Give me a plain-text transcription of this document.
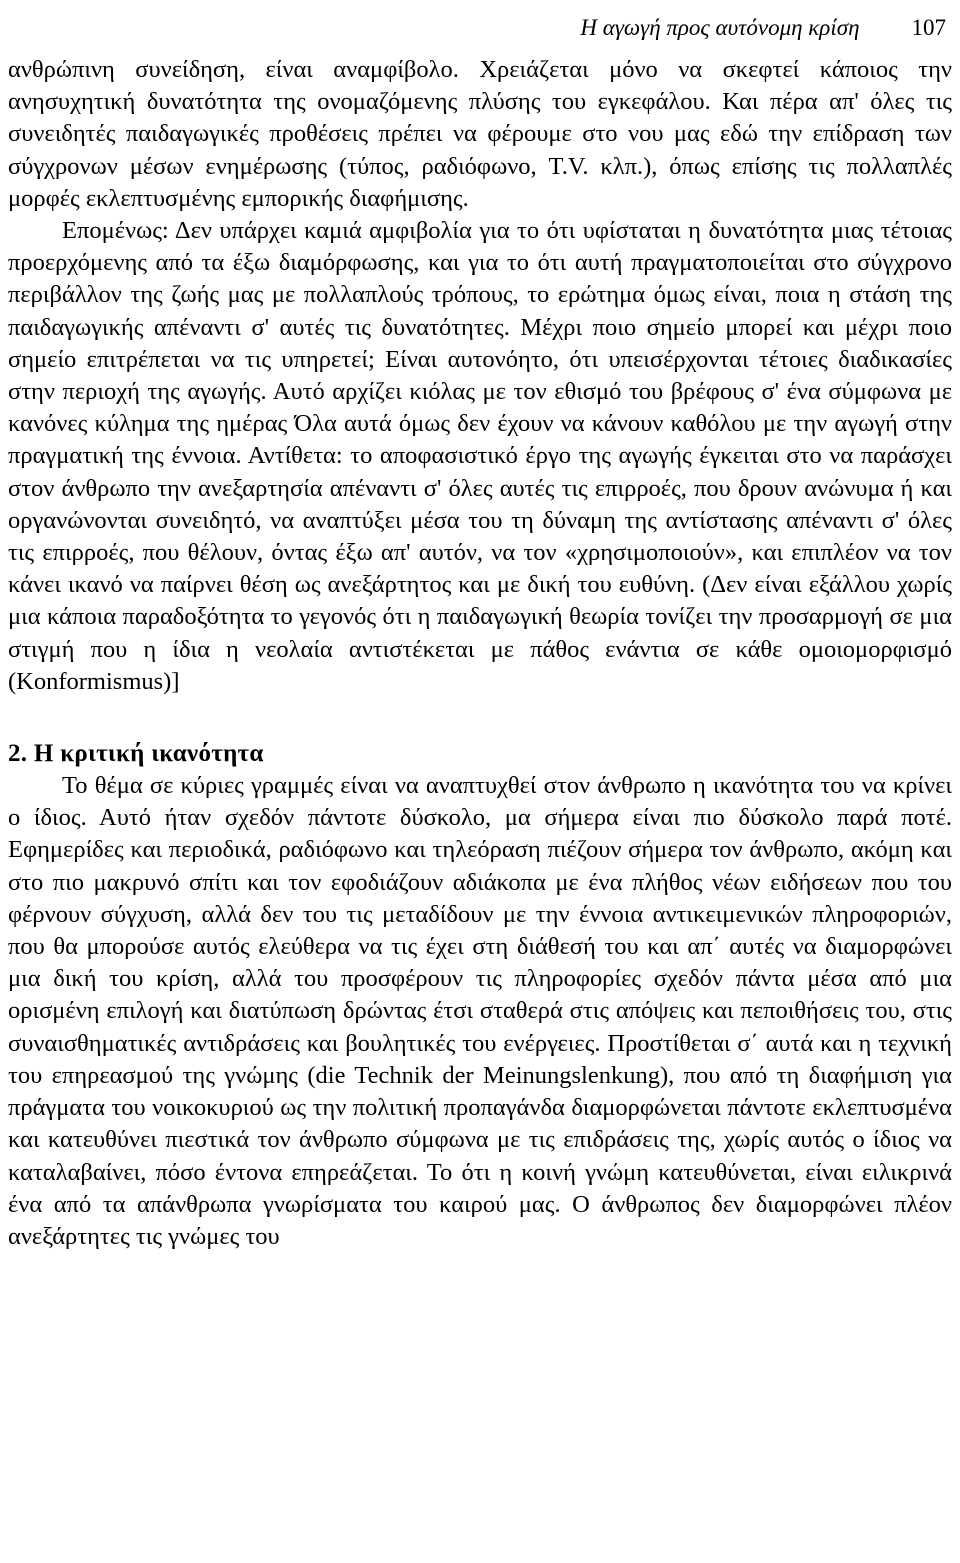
Η αγωγή προς αυτόνομη κρίση 107

ανθρώπινη συνείδηση, είναι αναμφίβολο. Χρειάζεται μόνο να σκεφτεί κάποιος την ανησυχητική δυνατότητα της ονομαζόμενης πλύσης του εγκεφάλου. Και πέρα απ' όλες τις συνειδητές παιδαγωγικές προθέσεις πρέπει να φέρουμε στο νου μας εδώ την επίδραση των σύγχρονων μέσων ενημέρωσης (τύπος, ραδιόφωνο, T.V. κλπ.), όπως επίσης τις πολλαπλές μορφές εκλεπτυσμένης εμπορικής διαφήμισης.

Επομένως: Δεν υπάρχει καμιά αμφιβολία για το ότι υφίσταται η δυνατότητα μιας τέτοιας προερχόμενης από τα έξω διαμόρφωσης, και για το ότι αυτή πραγματοποιείται στο σύγχρονο περιβάλλον της ζωής μας με πολλαπλούς τρόπους, το ερώτημα όμως είναι, ποια η στάση της παιδαγωγικής απέναντι σ' αυτές τις δυνατότητες. Μέχρι ποιο σημείο μπορεί και μέχρι ποιο σημείο επιτρέπεται να τις υπηρετεί; Είναι αυτονόητο, ότι υπεισέρχονται τέτοιες διαδικασίες στην περιοχή της αγωγής. Αυτό αρχίζει κιόλας με τον εθισμό του βρέφους σ' ένα σύμφωνα με κανόνες κύλημα της ημέρας Όλα αυτά όμως δεν έχουν να κάνουν καθόλου με την αγωγή στην πραγματική της έννοια. Αντίθετα: το αποφασιστικό έργο της αγωγής έγκειται στο να παράσχει στον άνθρωπο την ανεξαρτησία απέναντι σ' όλες αυτές τις επιρροές, που δρουν ανώνυμα ή και οργανώνονται συνειδητό, να αναπτύξει μέσα του τη δύναμη της αντίστασης απέναντι σ' όλες τις επιρροές, που θέλουν, όντας έξω απ' αυτόν, να τον «χρησιμοποιούν», και επιπλέον να τον κάνει ικανό να παίρνει θέση ως ανεξάρτητος και με δική του ευθύνη. (Δεν είναι εξάλλου χωρίς μια κάποια παραδοξότητα το γεγονός ότι η παιδαγωγική θεωρία τονίζει την προσαρμογή σε μια στιγμή που η ίδια η νεολαία αντιστέκεται με πάθος ενάντια σε κάθε ομοιομορφισμό (Konformismus)]

2. Η κριτική ικανότητα

Το θέμα σε κύριες γραμμές είναι να αναπτυχθεί στον άνθρωπο η ικανότητα του να κρίνει ο ίδιος. Αυτό ήταν σχεδόν πάντοτε δύσκολο, μα σήμερα είναι πιο δύσκολο παρά ποτέ. Εφημερίδες και περιοδικά, ραδιόφωνο και τηλεόραση πιέζουν σήμερα τον άνθρωπο, ακόμη και στο πιο μακρυνό σπίτι και τον εφοδιάζουν αδιάκοπα με ένα πλήθος νέων ειδήσεων που του φέρνουν σύγχυση, αλλά δεν του τις μεταδίδουν με την έννοια αντικειμενικών πληροφοριών, που θα μπορούσε αυτός ελεύθερα να τις έχει στη διάθεσή του και απ΄ αυτές να διαμορφώνει μια δική του κρίση, αλλά του προσφέρουν τις πληροφορίες σχεδόν πάντα μέσα από μια ορισμένη επιλογή και διατύπωση δρώντας έτσι σταθερά στις απόψεις και πεποιθήσεις του, στις συναισθηματικές αντιδράσεις και βουλητικές του ενέργειες. Προστίθεται σ΄ αυτά και η τεχνική του επηρεασμού της γνώμης (die Technik der Meinungslenkung), που από τη διαφήμιση για πράγματα του νοικοκυριού ως την πολιτική προπαγάνδα διαμορφώνεται πάντοτε εκλεπτυσμένα και κατευθύνει πιεστικά τον άνθρωπο σύμφωνα με τις επιδράσεις της, χωρίς αυτός ο ίδιος να καταλαβαίνει, πόσο έντονα επηρεάζεται. Το ότι η κοινή γνώμη κατευθύνεται, είναι ειλικρινά ένα από τα απάνθρωπα γνωρίσματα του καιρού μας. Ο άνθρωπος δεν διαμορφώνει πλέον ανεξάρτητες τις γνώμες του
